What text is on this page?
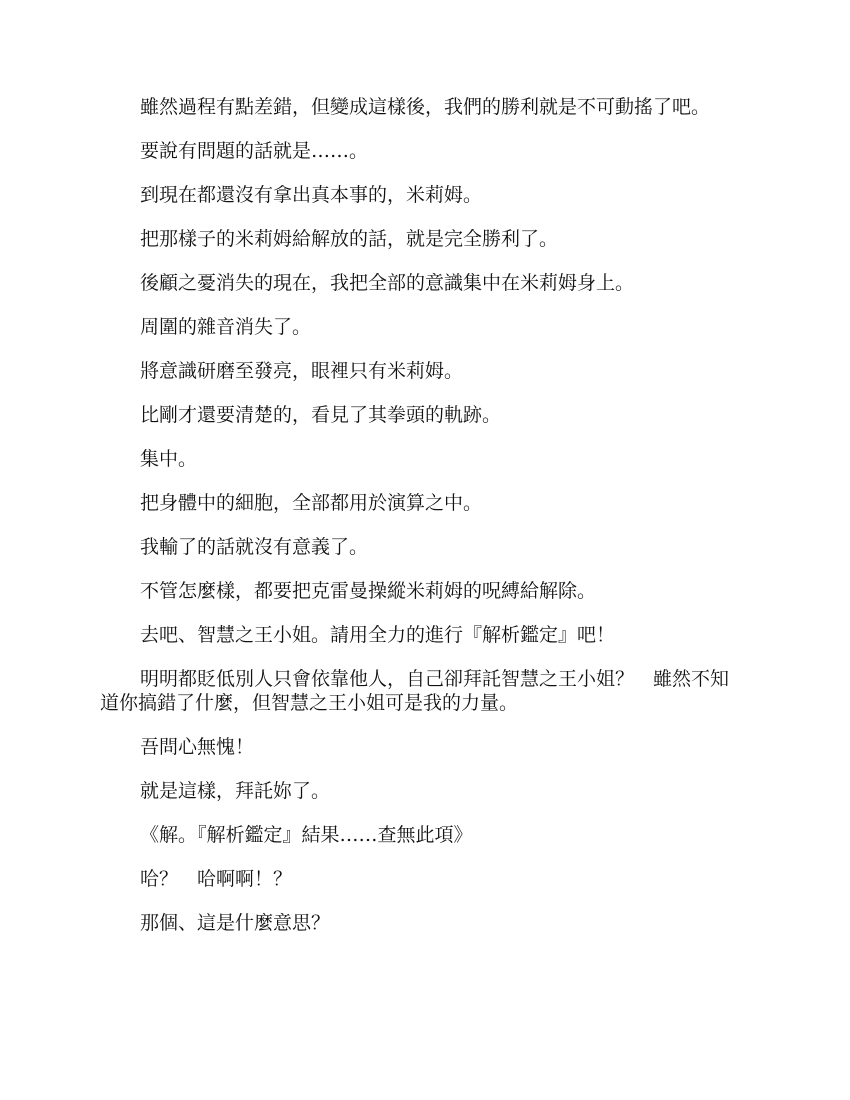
雖然過程有點差錯，但變成這樣後，我們的勝利就是不可動搖了吧。

要說有問題的話就是……。

到現在都還沒有拿出真本事的，米莉姆。

把那樣子的米莉姆給解放的話，就是完全勝利了。

後顧之憂消失的現在，我把全部的意識集中在米莉姆身上。

周圍的雜音消失了。

將意識研磨至發亮，眼裡只有米莉姆。

比剛才還要清楚的，看見了其拳頭的軌跡。

集中。

把身體中的細胞，全部都用於演算之中。

我輸了的話就沒有意義了。

不管怎麼樣，都要把克雷曼操縱米莉姆的呪縛給解除。

去吧、智慧之王小姐。請用全力的進行『解析鑑定』吧！

明明都貶低別人只會依靠他人，自己卻拜託智慧之王小姐？　雖然不知道你搞錯了什麼，但智慧之王小姐可是我的力量。

吾問心無愧！

就是這樣，拜託妳了。

《解。『解析鑑定』結果……查無此項》

哈？　哈啊啊！？

那個、這是什麼意思？
